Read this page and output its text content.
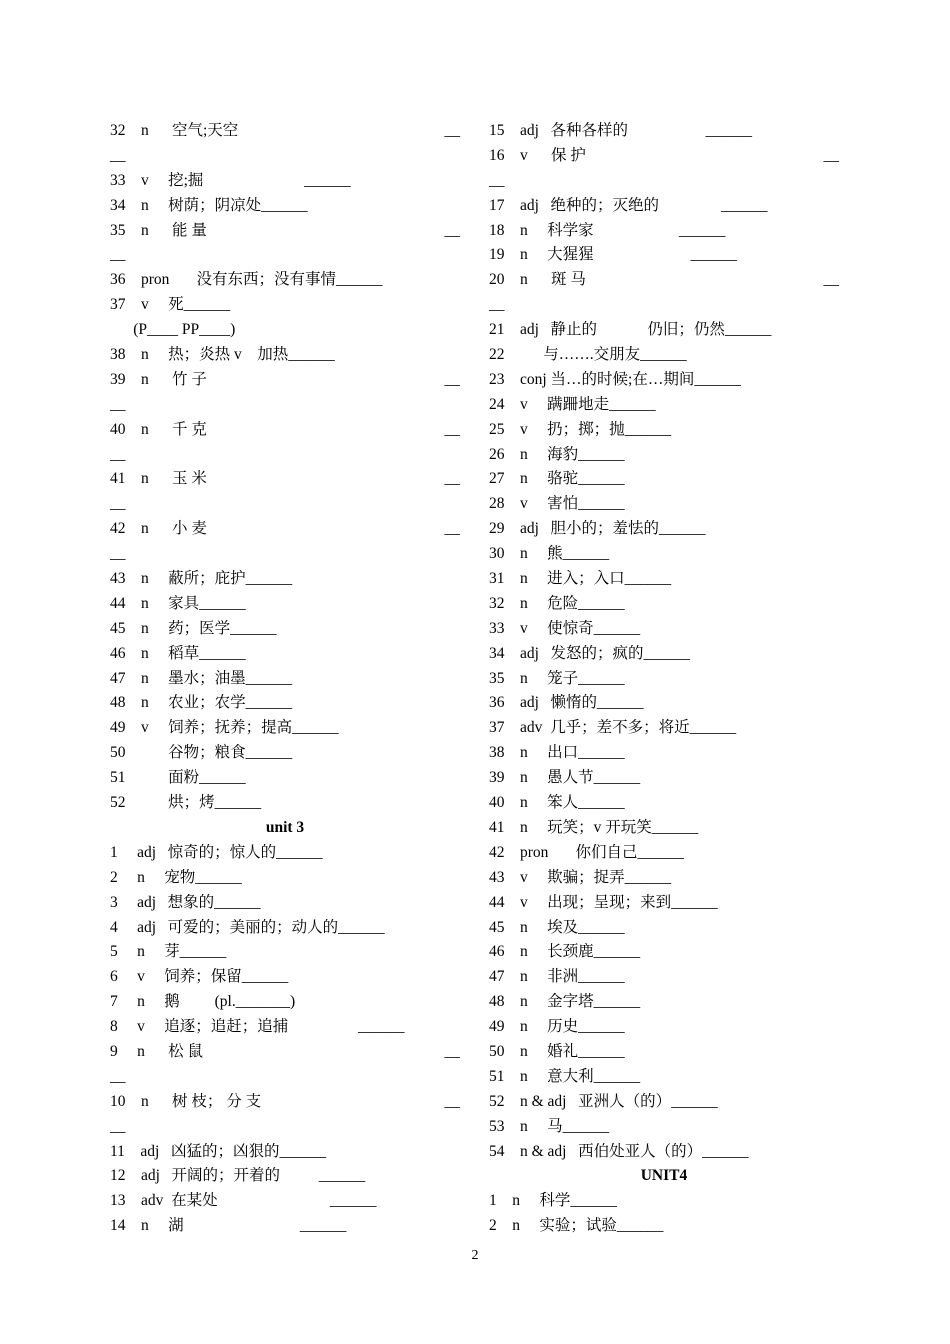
32    n      空气;天空	__
__
33    v     挖;掘                          ______
34    n     树荫；阴凉处______
35    n      能 量	__
__
36    pron       没有东西；没有事情______
37    v     死______
(P____ PP____)
38    n     热；炎热 v    加热______
39    n      竹 子	__
__
40    n      千 克	__
__
41    n      玉 米	__
__
42    n      小 麦	__
__
43    n     蔽所；庇护______
44    n     家具______
45    n     药；医学______
46    n     稻草______
47    n     墨水；油墨______
48    n     农业；农学______
49    v     饲养；抚养；提高______
50           谷物；粮食______
51           面粉______
52           烘；烤______
unit 3
1     adj   惊奇的；惊人的______
2     n     宠物______
3     adj   想象的______
4     adj   可爱的；美丽的；动人的______
5     n     芽______
6     v     饲养；保留______
7     n     鹅         (pl._______)
8     v     追逐；追赶；追捕                  ______
9     n      松 鼠	__
__
10    n      树 枝； 分 支	__
__
11    adj   凶猛的；凶狠的______
12    adj   开阔的；开着的          ______
13    adv  在某处                             ______
14    n     湖                              ______
15    adj   各种各样的                    ______
16    v      保 护	__
__
17    adj   绝种的；灭绝的                ______
18    n     科学家                      ______
19    n     大猩猩                         ______
20    n      斑 马	__
__
21    adj   静止的             仍旧；仍然______
22          与…….交朋友______
23    conj 当…的时候;在…期间______
24    v     蹒跚地走______
25    v     扔；掷；抛______
26    n     海豹______
27    n     骆驼______
28    v     害怕______
29    adj   胆小的；羞怯的______
30    n     熊______
31    n     进入；入口______
32    n     危险______
33    v     使惊奇______
34    adj   发怒的；疯的______
35    n     笼子______
36    adj   懒惰的______
37    adv  几乎；差不多；将近______
38    n     出口______
39    n     愚人节______
40    n     笨人______
41    n     玩笑；v 开玩笑______
42    pron       你们自己______
43    v     欺骗；捉弄______
44    v     出现；呈现；来到______
45    n     埃及______
46    n     长颈鹿______
47    n     非洲______
48    n     金字塔______
49    n     历史______
50    n     婚礼______
51    n     意大利______
52    n & adj   亚洲人（的）______
53    n     马______
54    n & adj   西伯处亚人（的）______
UNIT4
1    n     科学______
2    n     实验；试验______
2
